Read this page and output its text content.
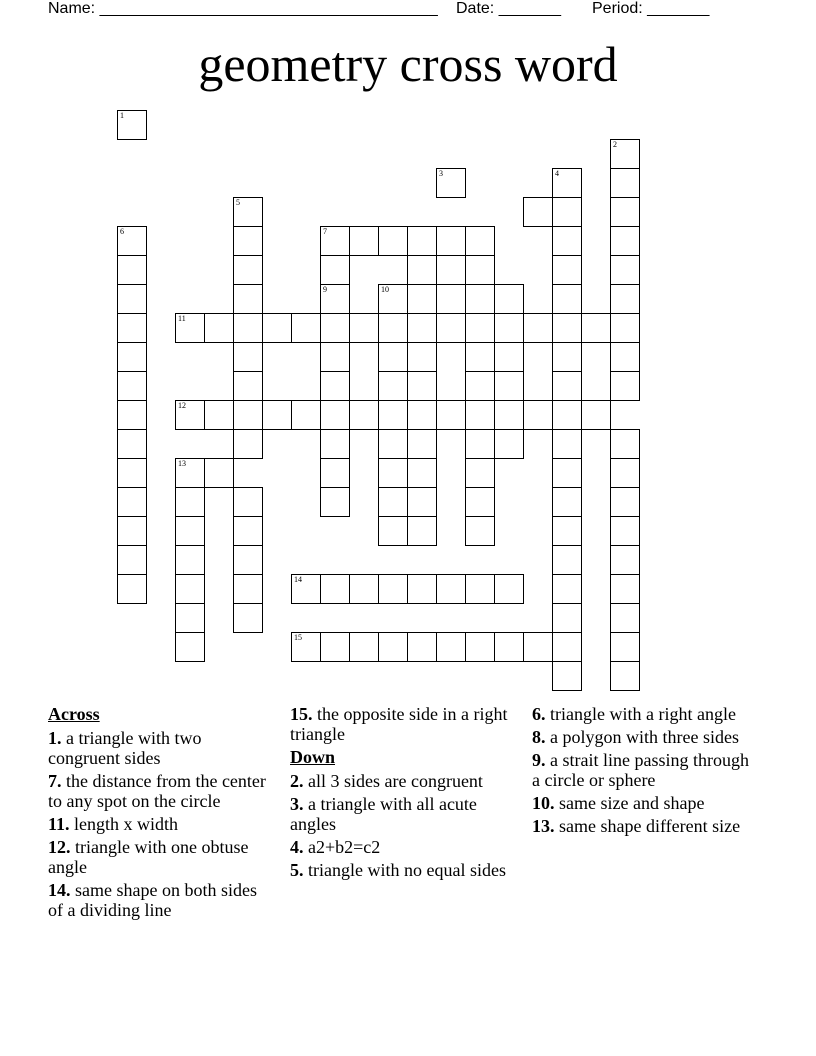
Name: ______________________________________ Date: _______ Period: _______
geometry cross word
1
2
3	4
5
6	7
9	10
11
12
13
14
15
Across
1. a triangle with two congruent sides
7. the distance from the center to any spot on the circle
11. length x width
12. triangle with one obtuse angle
14. same shape on both sides of a dividing line
15. the opposite side in a right triangle
Down
2. all 3 sides are congruent
3. a triangle with all acute angles
4. a2+b2=c2
5. triangle with no equal sides
6. triangle with a right angle
8. a polygon with three sides
9. a strait line passing through a circle or sphere
10. same size and shape
13. same shape different size
